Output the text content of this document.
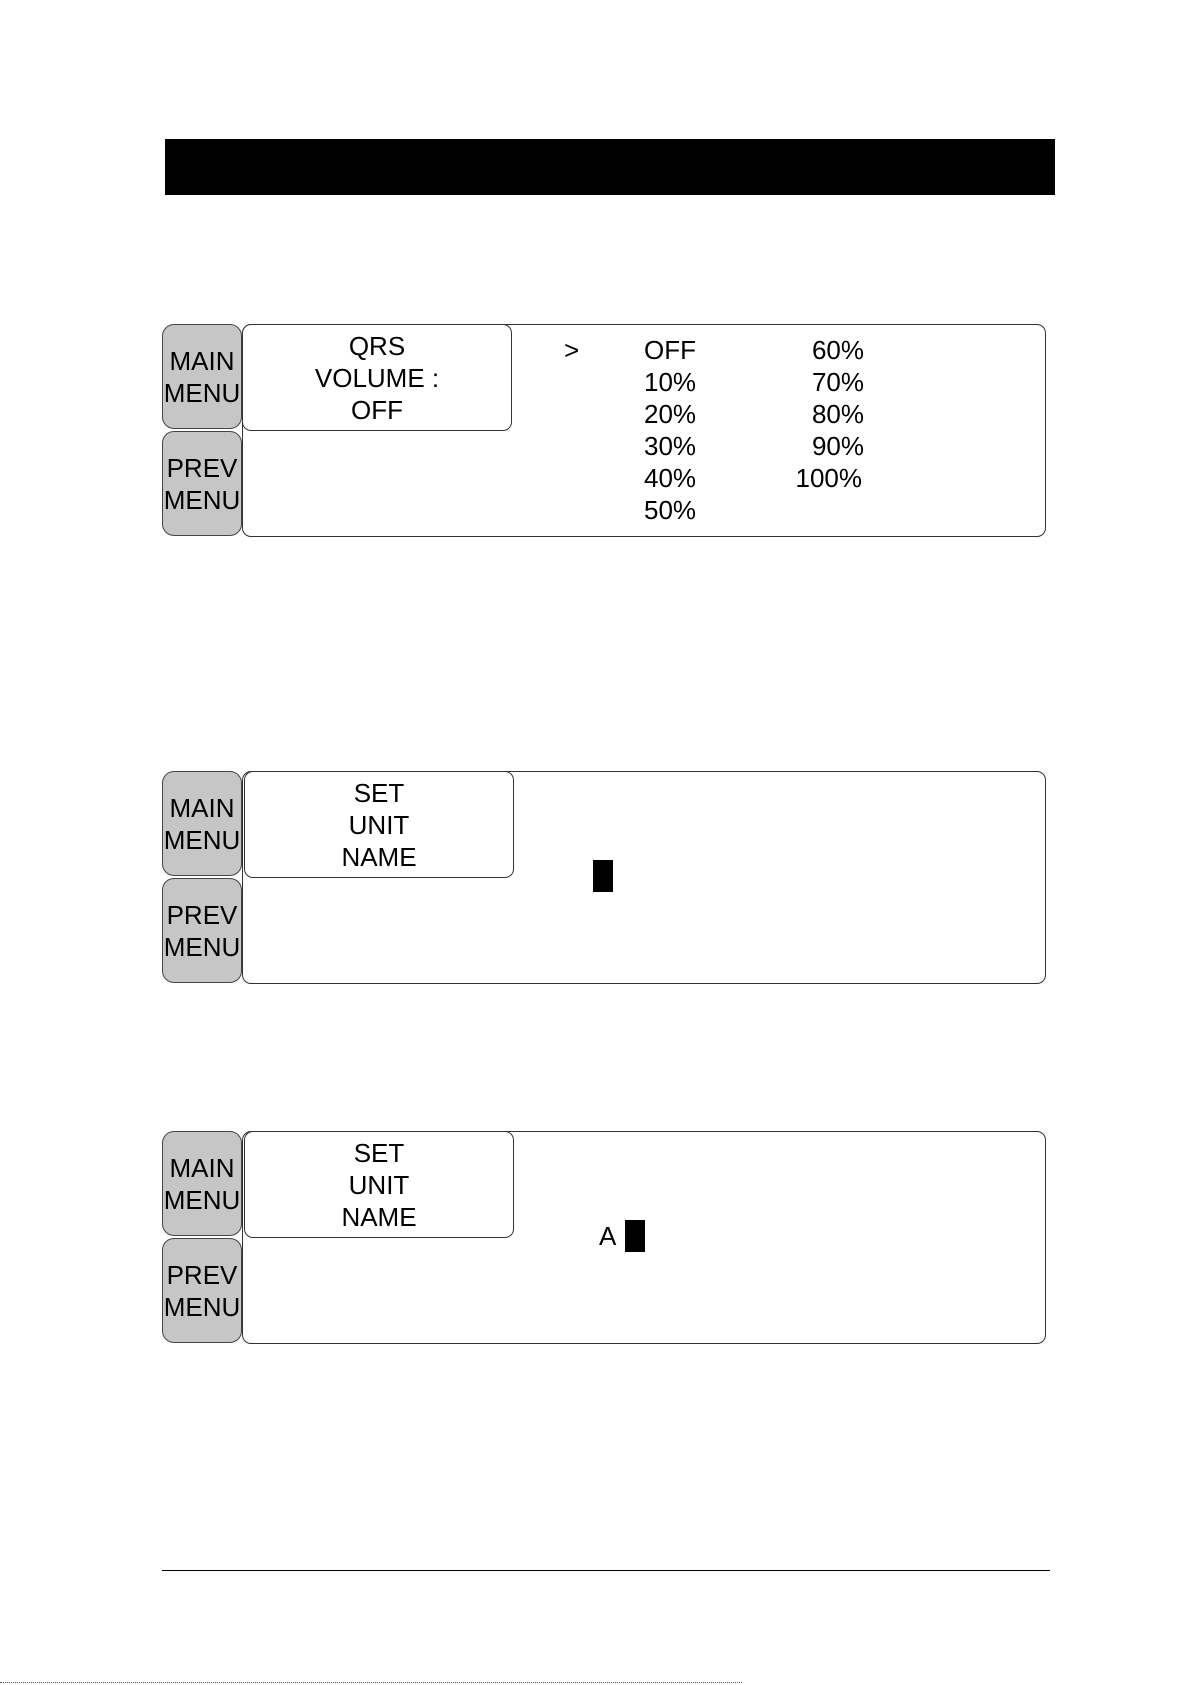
MAIN
MENU
PREV
MENU
QRS
VOLUME :
OFF
> OFF
10%
20%
30%
40%
50%
60%
70%
80%
90%
100%
MAIN
MENU
PREV
MENU
SET
UNIT
NAME
MAIN
MENU
PREV
MENU
SET
UNIT
NAME
A
